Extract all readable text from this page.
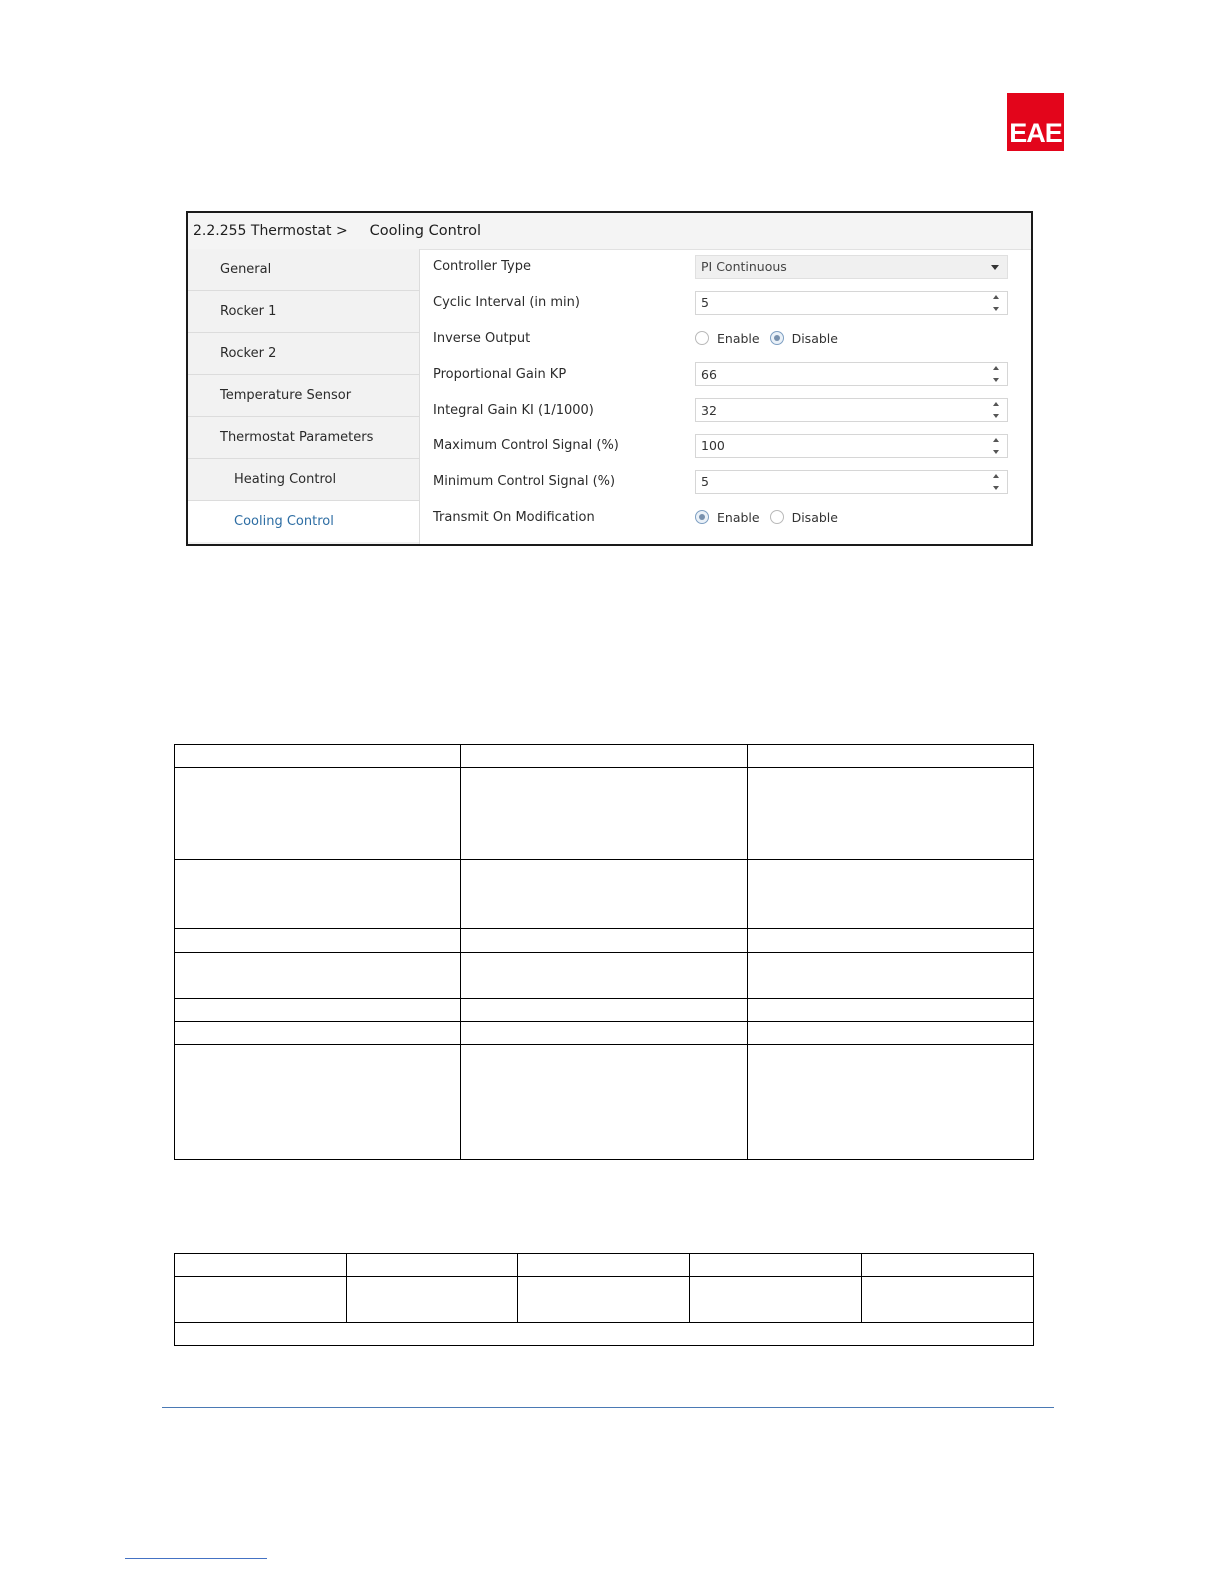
EAE
2.2.255 Thermostat > Cooling Control
General
Rocker 1
Rocker 2
Temperature Sensor
Thermostat Parameters
Heating Control
Cooling Control
Controller Type	PI Continuous
Cyclic Interval (in min)	5
Inverse Output	Enable	Disable
Proportional Gain KP	66
Integral Gain KI (1/1000)	32
Maximum Control Signal (%)	100
Minimum Control Signal (%)	5
Transmit On Modification	Enable	Disable
